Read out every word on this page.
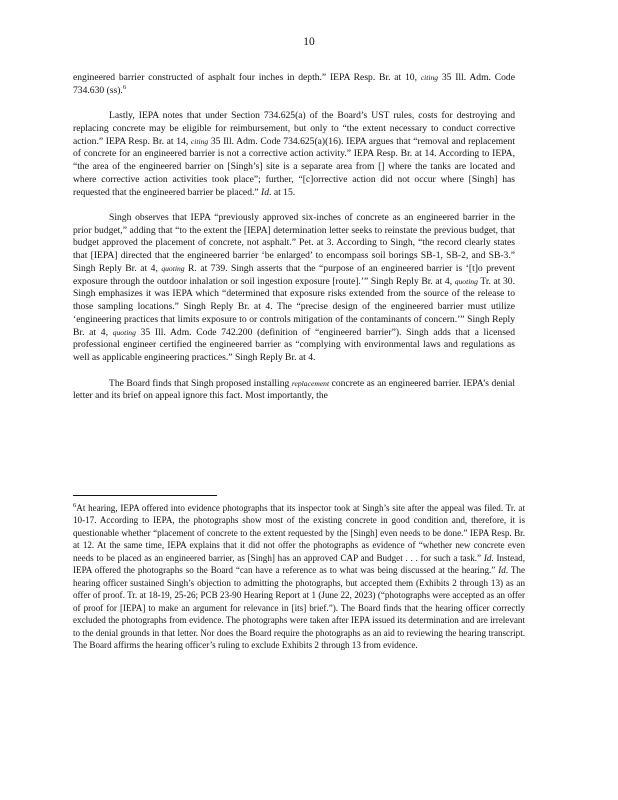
10

engineered barrier constructed of asphalt four inches in depth.” IEPA Resp. Br. at 10, citing 35 Ill. Adm. Code 734.630 (ss).$^6$

Lastly, IEPA notes that under Section 734.625(a) of the Board’s UST rules, costs for destroying and replacing concrete may be eligible for reimbursement, but only to “the extent necessary to conduct corrective action.” IEPA Resp. Br. at 14, citing 35 Ill. Adm. Code 734.625(a)(16). IEPA argues that “removal and replacement of concrete for an engineered barrier is not a corrective action activity.” IEPA Resp. Br. at 14. According to IEPA, “the area of the engineered barrier on [Singh’s] site is a separate area from [] where the tanks are located and where corrective action activities took place”; further, “[c]orrective action did not occur where [Singh] has requested that the engineered barrier be placed.” Id. at 15.

Singh observes that IEPA “previously approved six-inches of concrete as an engineered barrier in the prior budget,” adding that “to the extent the [IEPA] determination letter seeks to reinstate the previous budget, that budget approved the placement of concrete, not asphalt.” Pet. at 3. According to Singh, “the record clearly states that [IEPA] directed that the engineered barrier ‘be enlarged’ to encompass soil borings SB-1, SB-2, and SB-3.” Singh Reply Br. at 4, quoting R. at 739. Singh asserts that the “purpose of an engineered barrier is ‘[t]o prevent exposure through the outdoor inhalation or soil ingestion exposure [route].’” Singh Reply Br. at 4, quoting Tr. at 30. Singh emphasizes it was IEPA which “determined that exposure risks extended from the source of the release to those sampling locations.” Singh Reply Br. at 4. The “precise design of the engineered barrier must utilize ‘engineering practices that limits exposure to or controls mitigation of the contaminants of concern.’” Singh Reply Br. at 4, quoting 35 Ill. Adm. Code 742.200 (definition of “engineered barrier”). Singh adds that a licensed professional engineer certified the engineered barrier as “complying with environmental laws and regulations as well as applicable engineering practices.” Singh Reply Br. at 4.

The Board finds that Singh proposed installing replacement concrete as an engineered barrier. IEPA’s denial letter and its brief on appeal ignore this fact. Most importantly, the

$^6$At hearing, IEPA offered into evidence photographs that its inspector took at Singh’s site after the appeal was filed. Tr. at 10-17. According to IEPA, the photographs show most of the existing concrete in good condition and, therefore, it is questionable whether “placement of concrete to the extent requested by the [Singh] even needs to be done.” IEPA Resp. Br. at 12. At the same time, IEPA explains that it did not offer the photographs as evidence of “whether new concrete even needs to be placed as an engineered barrier, as [Singh] has an approved CAP and Budget . . . for such a task.” Id. Instead, IEPA offered the photographs so the Board “can have a reference as to what was being discussed at the hearing.” Id. The hearing officer sustained Singh’s objection to admitting the photographs, but accepted them (Exhibits 2 through 13) as an offer of proof. Tr. at 18-19, 25-26; PCB 23-90 Hearing Report at 1 (June 22, 2023) (“photographs were accepted as an offer of proof for [IEPA] to make an argument for relevance in [its] brief.”). The Board finds that the hearing officer correctly excluded the photographs from evidence. The photographs were taken after IEPA issued its determination and are irrelevant to the denial grounds in that letter. Nor does the Board require the photographs as an aid to reviewing the hearing transcript. The Board affirms the hearing officer’s ruling to exclude Exhibits 2 through 13 from evidence.
